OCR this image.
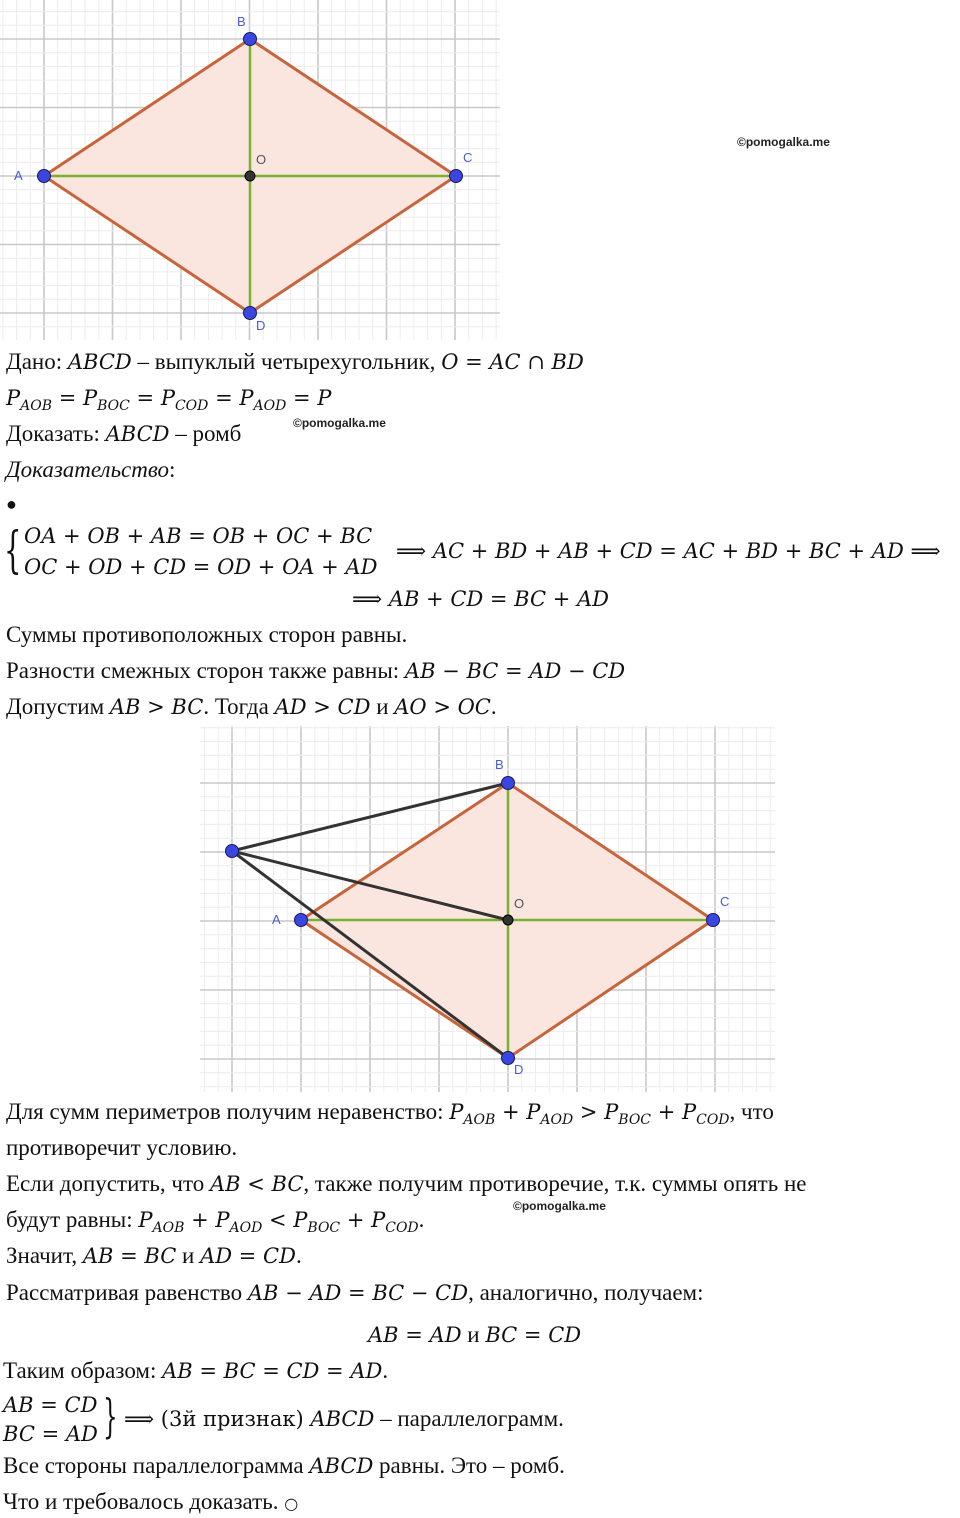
A
B
C
D
O
©pomogalka.me
Дано: ABCD – выпуклый четырехугольник, O = AC ∩ BD
$P_{AOB} = P_{BOC} = P_{COD} = P_{AOD} = P$
Доказать: ABCD – ромб	©pomogalka.me
Доказательство:
●
{ OA + OB + AB = OB + OC + BC
OC + OD + CD = OD + OA + AD
⟹ AC + BD + AB + CD = AC + BD + BC + AD ⟹
⟹ AB + CD = BC + AD
Суммы противоположных сторон равны.
Разности смежных сторон также равны: AB − BC = AD − CD
Допустим AB > BC. Тогда AD > CD и AO > OC.
A
B
C
D
O
Для сумм периметров получим неравенство: $P_{AOB} + P_{AOD} > P_{BOC} + P_{COD}$, что
противоречит условию.
Если допустить, что AB < BC, также получим противоречие, т.к. суммы опять не
будут равны: $P_{AOB} + P_{AOD} < P_{BOC} + P_{COD}$.
©pomogalka.me
Значит, AB = BC и AD = CD.
Рассматривая равенство AB − AD = BC − CD, аналогично, получаем:
AB = AD и BC = CD
Таким образом: AB = BC = CD = AD.
AB = CD
BC = AD } ⟹ (3й признак) ABCD – параллелограмм.
Все стороны параллелограмма ABCD равны. Это – ромб.
Что и требовалось доказать. ○
